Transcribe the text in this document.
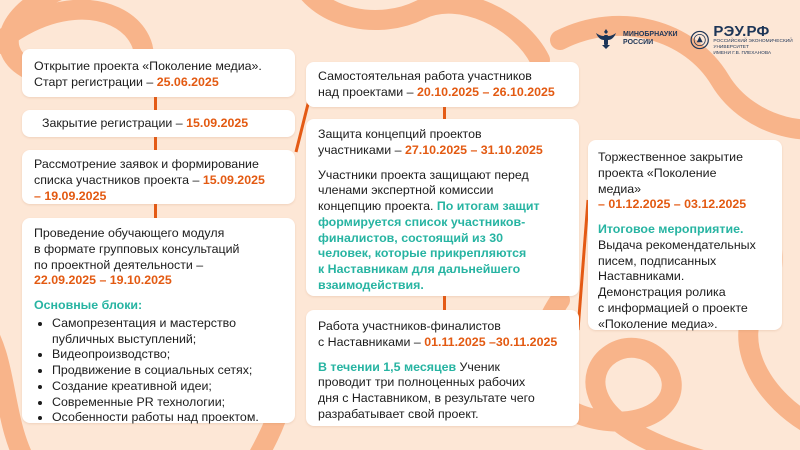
МИНОБРНАУКИ
РОССИИ
РЭУ.РФ
РОССИЙСКИЙ ЭКОНОМИЧЕСКИЙ УНИВЕРСИТЕТ
ИМЕНИ Г.В. ПЛЕХАНОВА
Открытие проекта «Поколение медиа».
Старт регистрации – 25.06.2025
Закрытие регистрации – 15.09.2025
Рассмотрение заявок и формирование
списка участников проекта – 15.09.2025
– 19.09.2025
Проведение обучающего модуля
в формате групповых консультаций
по проектной деятельности –
22.09.2025 – 19.10.2025
Основные блоки:
• Самопрезентация и мастерство
публичных выступлений;
• Видеопроизводство;
• Продвижение в социальных сетях;
• Создание креативной идеи;
• Современные PR технологии;
• Особенности работы над проектом.
Самостоятельная работа участников
над проектами – 20.10.2025 – 26.10.2025
Защита концепций проектов
участниками – 27.10.2025 – 31.10.2025
Участники проекта защищают перед
членами экспертной комиссии
концепцию проекта. По итогам защит
формируется список участников-
финалистов, состоящий из 30
человек, которые прикрепляются
к Наставникам для дальнейшего
взаимодействия.
Работа участников-финалистов
с Наставниками – 01.11.2025 –30.11.2025
В течении 1,5 месяцев Ученик
проводит три полноценных рабочих
дня с Наставником, в результате чего
разрабатывает свой проект.
Торжественное закрытие
проекта «Поколение
медиа»
– 01.12.2025 – 03.12.2025
Итоговое мероприятие.
Выдача рекомендательных
писем, подписанных
Наставниками.
Демонстрация ролика
с информацией о проекте
«Поколение медиа».
